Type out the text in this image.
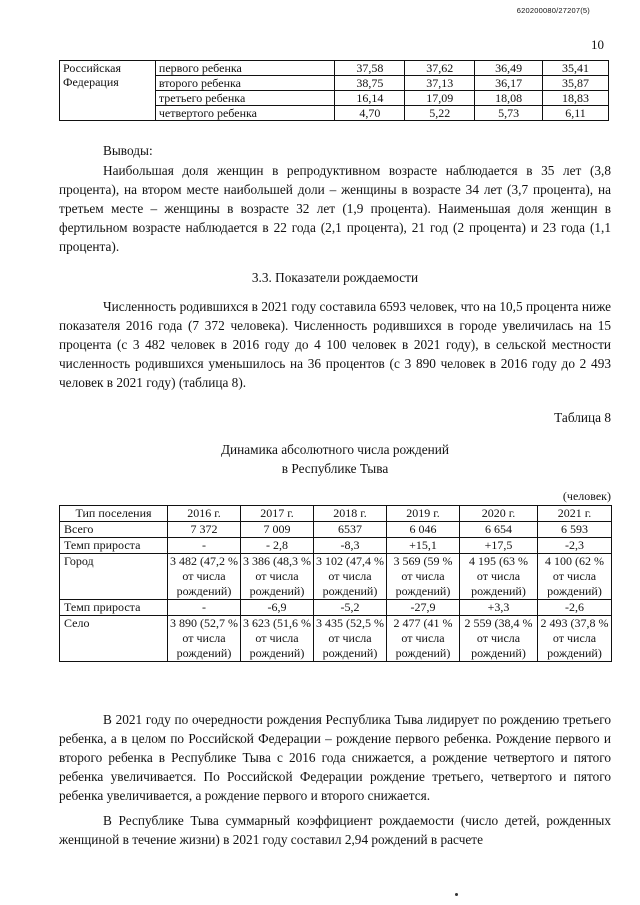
620200080/27207(5)
10
Российская Федерация	первого ребенка	37,58	37,62	36,49	35,41
	второго ребенка	38,75	37,13	36,17	35,87
	третьего ребенка	16,14	17,09	18,08	18,83
	четвертого ребенка	4,70	5,22	5,73	6,11
Выводы:
Наибольшая доля женщин в репродуктивном возрасте наблюдается в 35 лет (3,8 процента), на втором месте наибольшей доли – женщины в возрасте 34 лет (3,7 процента), на третьем месте – женщины в возрасте 32 лет (1,9 процента). Наименьшая доля женщин в фертильном возрасте наблюдается в 22 года (2,1 процента), 21 год (2 процента) и 23 года (1,1 процента).
3.3. Показатели рождаемости
Численность родившихся в 2021 году составила 6593 человек, что на 10,5 процента ниже показателя 2016 года (7 372 человека). Численность родившихся в городе увеличилась на 15 процента (с 3 482 человек в 2016 году до 4 100 человек в 2021 году), в сельской местности численность родившихся уменьшилось на 36 процентов (с 3 890 человек в 2016 году до 2 493 человек в 2021 году) (таблица 8).
Таблица 8
Динамика абсолютного числа рождений
в Республике Тыва
(человек)
Тип поселения	2016 г.	2017 г.	2018 г.	2019 г.	2020 г.	2021 г.
Всего	7 372	7 009	6537	6 046	6 654	6 593
Темп прироста	-	- 2,8	-8,3	+15,1	+17,5	-2,3
Город	3 482 (47,2 % от числа рождений)	3 386 (48,3 % от числа рождений)	3 102 (47,4 % от числа рождений)	3 569 (59 % от числа рождений)	4 195 (63 % от числа рождений)	4 100 (62 % от числа рождений)
Темп прироста	-	-6,9	-5,2	-27,9	+3,3	-2,6
Село	3 890 (52,7 % от числа рождений)	3 623 (51,6 % от числа рождений)	3 435 (52,5 % от числа рождений)	2 477 (41 % от числа рождений)	2 559 (38,4 % от числа рождений)	2 493 (37,8 % от числа рождений)
В 2021 году по очередности рождения Республика Тыва лидирует по рождению третьего ребенка, а в целом по Российской Федерации – рождение первого ребенка. Рождение первого и второго ребенка в Республике Тыва с 2016 года снижается, а рождение четвертого и пятого ребенка увеличивается. По Российской Федерации рождение третьего, четвертого и пятого ребенка увеличивается, а рождение первого и второго снижается.
В Республике Тыва суммарный коэффициент рождаемости (число детей, рожденных женщиной в течение жизни) в 2021 году составил 2,94 рождений в расчете
